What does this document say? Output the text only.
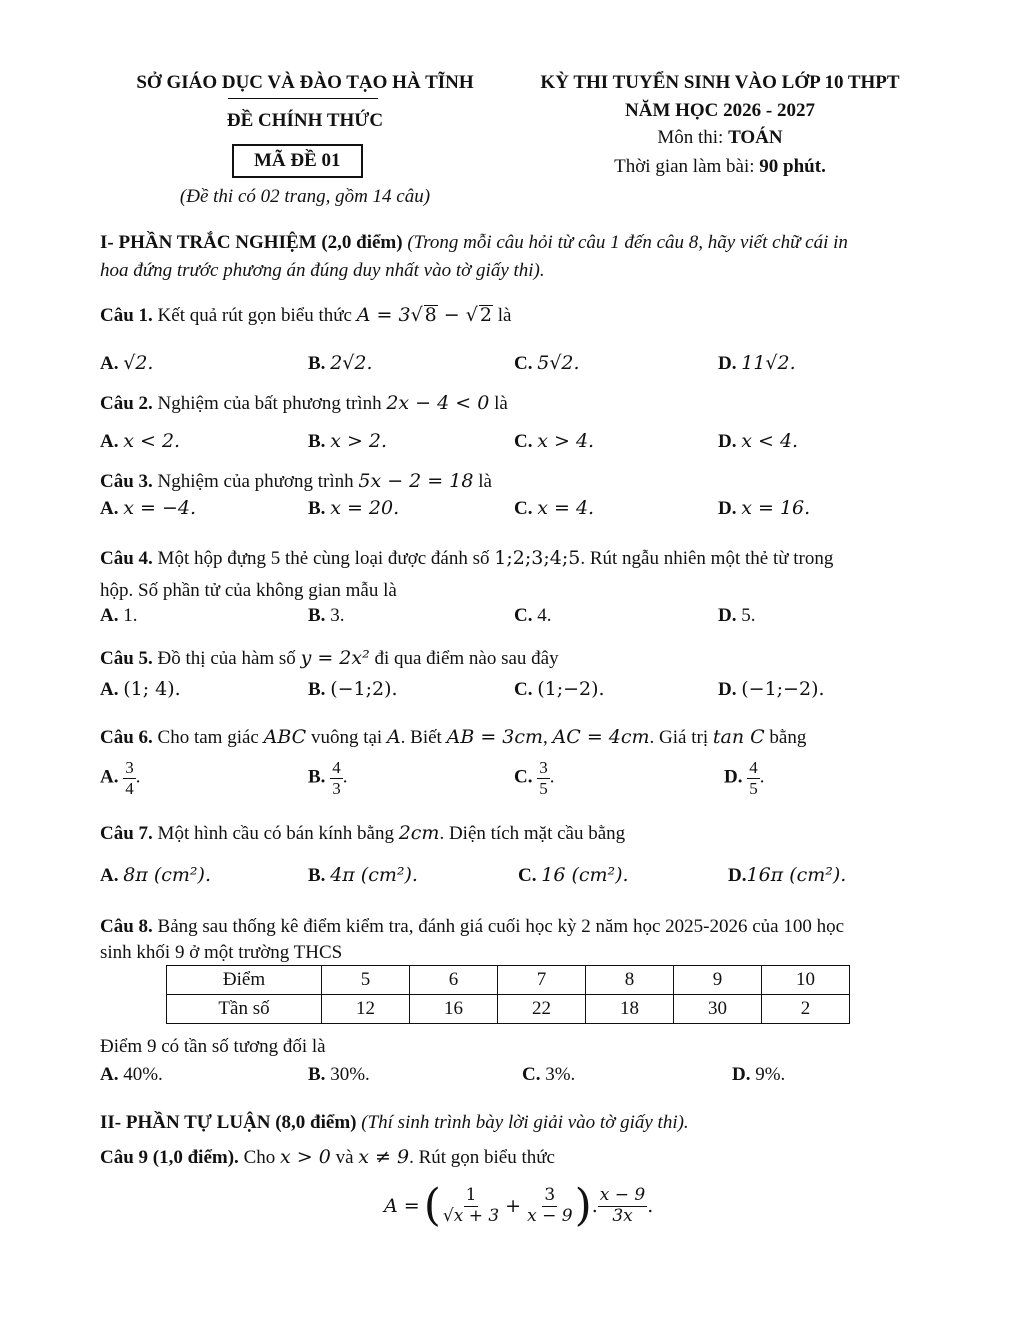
SỞ GIÁO DỤC VÀ ĐÀO TẠO HÀ TĨNH
ĐỀ CHÍNH THỨC
MÃ ĐỀ 01
(Đề thi có 02 trang, gồm 14 câu)
KỲ THI TUYỂN SINH VÀO LỚP 10 THPT
NĂM HỌC 2026 - 2027
Môn thi: TOÁN
Thời gian làm bài: 90 phút.
I- PHẦN TRẮC NGHIỆM (2,0 điểm) (Trong mỗi câu hỏi từ câu 1 đến câu 8, hãy viết chữ cái in
hoa đứng trước phương án đúng duy nhất vào tờ giấy thi).
Câu 1. Kết quả rút gọn biểu thức A = 3√ 8 − √ 2 là
A. √2.	B. 2√2.	C. 5√2.	D. 11√2.
Câu 2. Nghiệm của bất phương trình 2x − 4 < 0 là
A. x < 2.	B. x > 2.	C. x > 4.	D. x < 4.
Câu 3. Nghiệm của phương trình 5x − 2 = 18 là
A. x = −4.	B. x = 20.	C. x = 4.	D. x = 16.
Câu 4. Một hộp đựng 5 thẻ cùng loại được đánh số 1;2;3;4;5. Rút ngẫu nhiên một thẻ từ trong
hộp. Số phần tử của không gian mẫu là
A. 1.	B. 3.	C. 4.	D. 5.
Câu 5. Đồ thị của hàm số y = 2x² đi qua điểm nào sau đây
A. (1; 4).	B. (−1;2).	C. (1;−2).	D. (−1;−2).
Câu 6. Cho tam giác ABC vuông tại A. Biết AB = 3cm, AC = 4cm. Giá trị tan C bằng
A. $\frac{3}{4}$ .	B. $\frac{4}{3}$ .	C. $\frac{3}{5}$ .	D. $\frac{4}{5}$ .
Câu 7. Một hình cầu có bán kính bằng 2cm. Diện tích mặt cầu bằng
A. 8π (cm²).	B. 4π (cm²).	C. 16 (cm²).	D.16π (cm²).
Câu 8. Bảng sau thống kê điểm kiểm tra, đánh giá cuối học kỳ 2 năm học 2025-2026 của 100 học
sinh khối 9 ở một trường THCS
Điểm	5	6	7	8	9	10
Tần số	12	16	22	18	30	2
Điểm 9 có tần số tương đối là
A. 40%.	B. 30%.	C. 3%.	D. 9%.
II- PHẦN TỰ LUẬN (8,0 điểm) (Thí sinh trình bày lời giải vào tờ giấy thi).
Câu 9 (1,0 điểm). Cho x > 0 và x ≠ 9. Rút gọn biểu thức
A = ( $\frac{1}{√x + 3} + \frac{3}{x - 9}$ ) . $\frac{x - 9}{3x}$ .
